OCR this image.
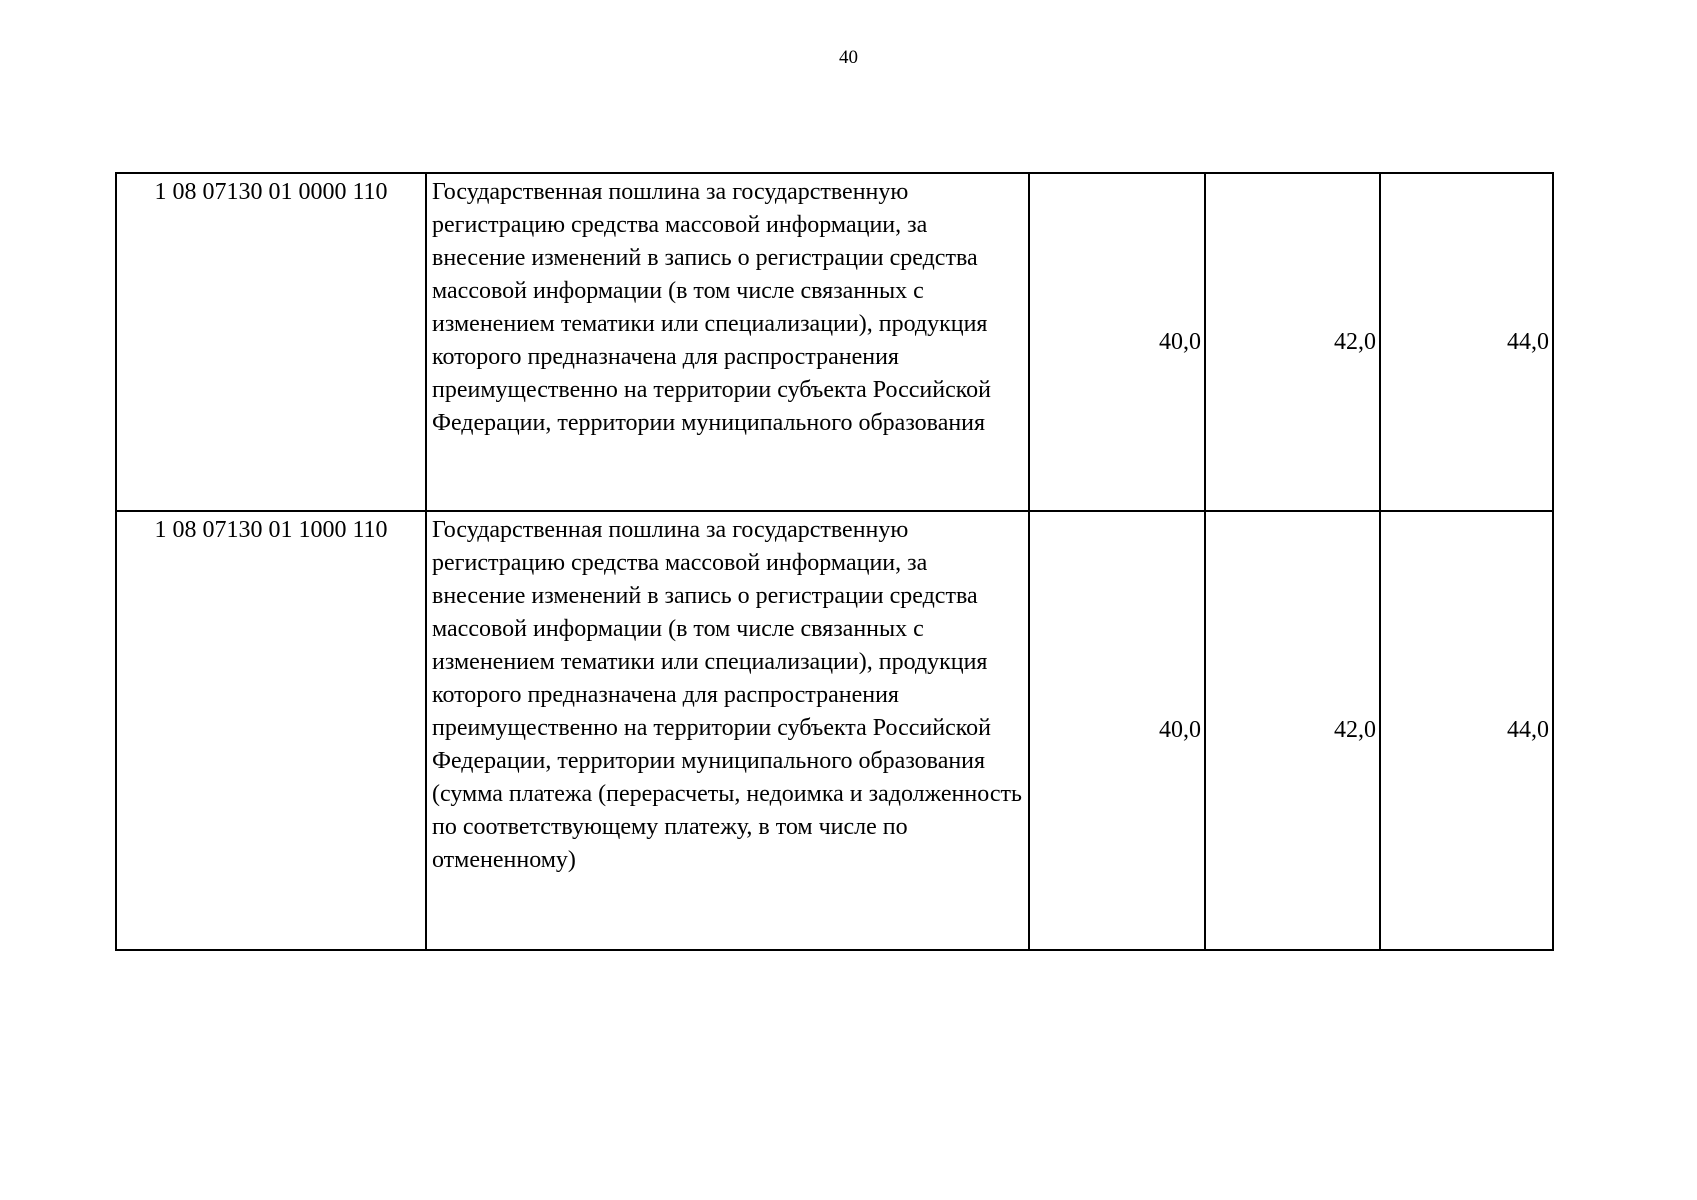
40
1 08 07130 01 0000 110	Государственная пошлина за государственную регистрацию средства массовой информации, за внесение изменений в запись о регистрации средства массовой информации (в том числе связанных с изменением тематики или специализации), продукция которого предназначена для распространения преимущественно на территории субъекта Российской Федерации, территории муниципального образования	40,0	42,0	44,0
1 08 07130 01 1000 110	Государственная пошлина за государственную регистрацию средства массовой информации, за внесение изменений в запись о регистрации средства массовой информации (в том числе связанных с изменением тематики или специализации), продукция которого предназначена для распространения преимущественно на территории субъекта Российской Федерации, территории муниципального образования (сумма платежа (перерасчеты, недоимка и задолженность по соответствующему платежу, в том числе по отмененному)	40,0	42,0	44,0
